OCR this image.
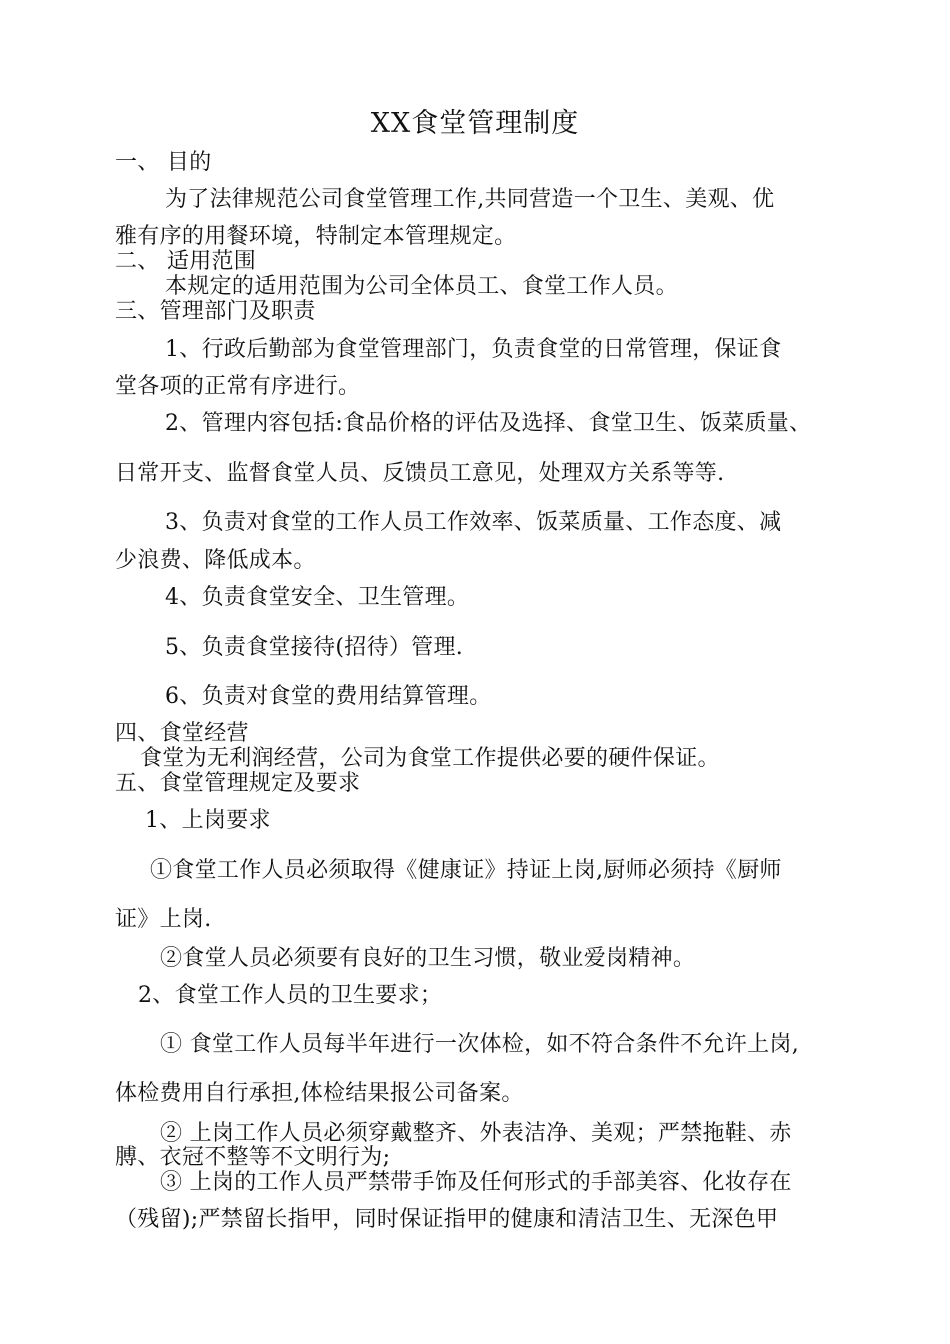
XX食堂管理制度
一、 目的
为了法律规范公司食堂管理工作,共同营造一个卫生、美观、优
雅有序的用餐环境，特制定本管理规定。
二、 适用范围
本规定的适用范围为公司全体员工、食堂工作人员。
三、管理部门及职责
1、行政后勤部为食堂管理部门，负责食堂的日常管理，保证食
堂各项的正常有序进行。
2、管理内容包括:食品价格的评估及选择、食堂卫生、饭菜质量、
日常开支、监督食堂人员、反馈员工意见，处理双方关系等等.
3、负责对食堂的工作人员工作效率、饭菜质量、工作态度、减
少浪费、降低成本。
4、负责食堂安全、卫生管理。
5、负责食堂接待(招待）管理.
6、负责对食堂的费用结算管理。
四、食堂经营
食堂为无利润经营，公司为食堂工作提供必要的硬件保证。
五、食堂管理规定及要求
1、上岗要求
①食堂工作人员必须取得《健康证》持证上岗,厨师必须持《厨师
证》上岗.
②食堂人员必须要有良好的卫生习惯，敬业爱岗精神。
2、食堂工作人员的卫生要求；
① 食堂工作人员每半年进行一次体检，如不符合条件不允许上岗,
体检费用自行承担,体检结果报公司备案。
② 上岗工作人员必须穿戴整齐、外表洁净、美观；严禁拖鞋、赤
膊、衣冠不整等不文明行为;
③ 上岗的工作人员严禁带手饰及任何形式的手部美容、化妆存在
（残留);严禁留长指甲，同时保证指甲的健康和清洁卫生、无深色甲
